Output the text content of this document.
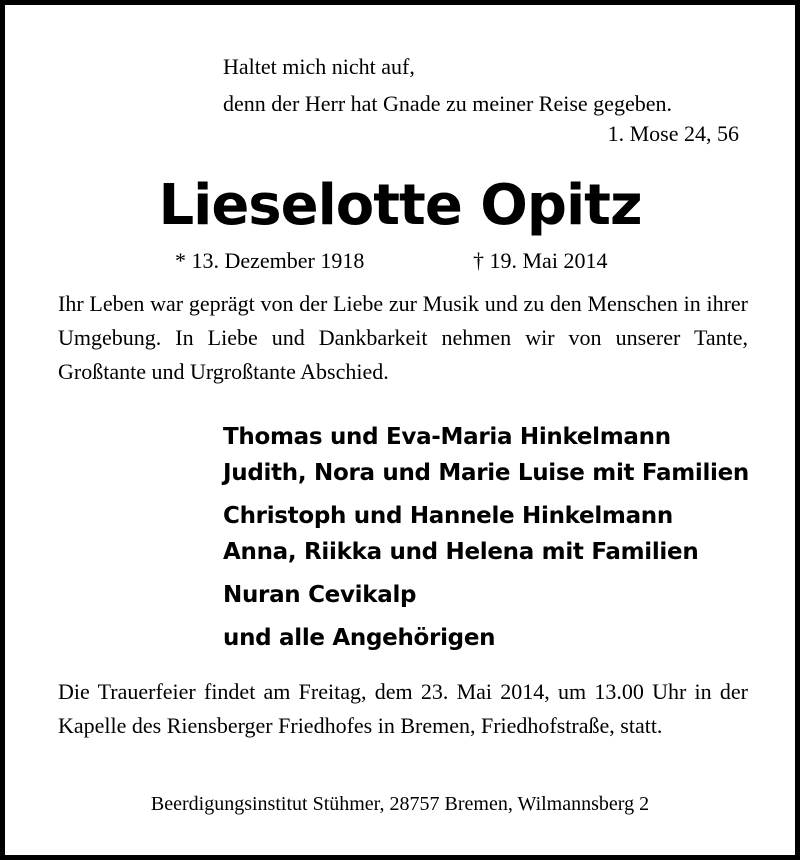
Haltet mich nicht auf,
denn der Herr hat Gnade zu meiner Reise gegeben.
1. Mose 24, 56
Lieselotte Opitz
* 13. Dezember 1918	† 19. Mai 2014
Ihr Leben war geprägt von der Liebe zur Musik und zu den Menschen in ihrer Umgebung. In Liebe und Dankbarkeit nehmen wir von unserer Tante, Großtante und Urgroßtante Abschied.
Thomas und Eva-Maria Hinkelmann
Judith, Nora und Marie Luise mit Familien
Christoph und Hannele Hinkelmann
Anna, Riikka und Helena mit Familien
Nuran Cevikalp
und alle Angehörigen
Die Trauerfeier findet am Freitag, dem 23. Mai 2014, um 13.00 Uhr in der Kapelle des Riensberger Friedhofes in Bremen, Friedhofstraße, statt.
Beerdigungsinstitut Stühmer, 28757 Bremen, Wilmannsberg 2
